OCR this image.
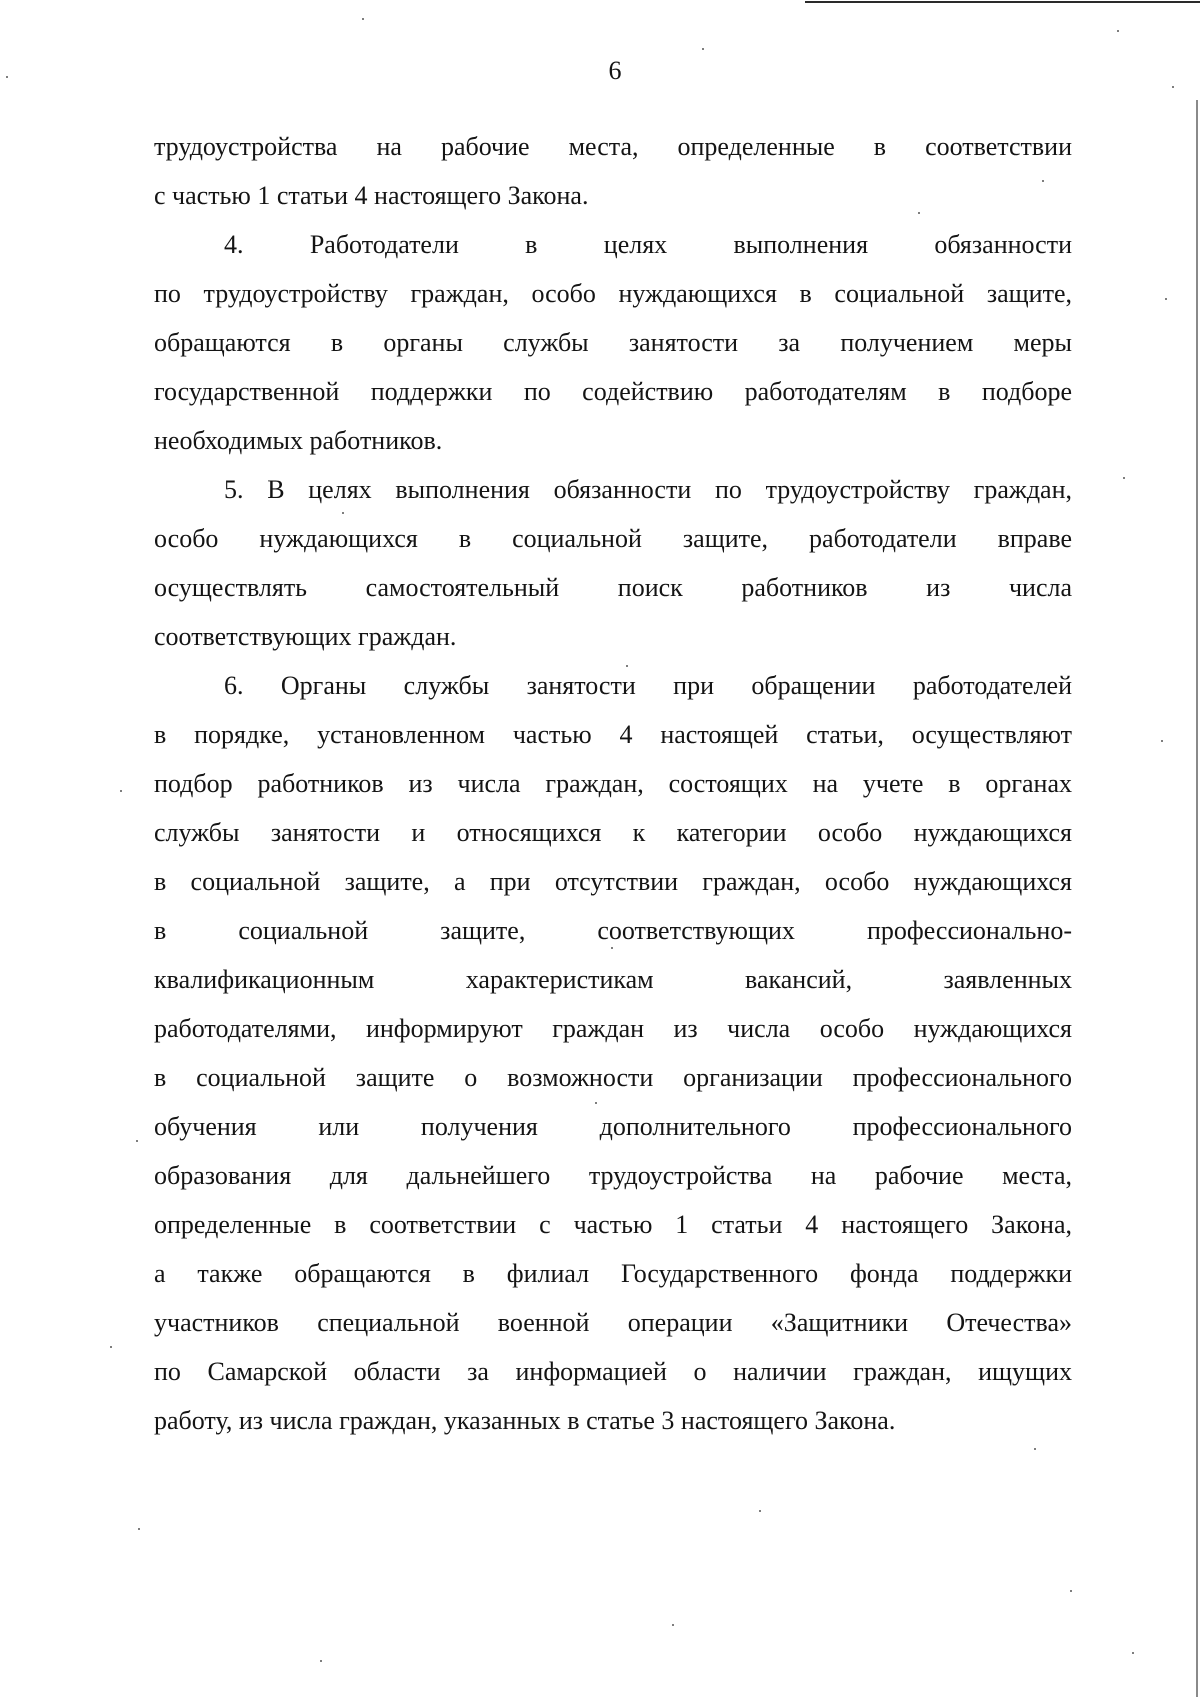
6
трудоустройства на рабочие места, определенные в соответствии
с частью 1 статьи 4 настоящего Закона.
4. Работодатели в целях выполнения обязанности
по трудоустройству граждан, особо нуждающихся в социальной защите,
обращаются в органы службы занятости за получением меры
государственной поддержки по содействию работодателям в подборе
необходимых работников.
5. В целях выполнения обязанности по трудоустройству граждан,
особо нуждающихся в социальной защите, работодатели вправе
осуществлять самостоятельный поиск работников из числа
соответствующих граждан.
6. Органы службы занятости при обращении работодателей
в порядке, установленном частью 4 настоящей статьи, осуществляют
подбор работников из числа граждан, состоящих на учете в органах
службы занятости и относящихся к категории особо нуждающихся
в социальной защите, а при отсутствии граждан, особо нуждающихся
в социальной защите, соответствующих профессионально-
квалификационным характеристикам вакансий, заявленных
работодателями, информируют граждан из числа особо нуждающихся
в социальной защите о возможности организации профессионального
обучения или получения дополнительного профессионального
образования для дальнейшего трудоустройства на рабочие места,
определенные в соответствии с частью 1 статьи 4 настоящего Закона,
а также обращаются в филиал Государственного фонда поддержки
участников специальной военной операции «Защитники Отечества»
по Самарской области за информацией о наличии граждан, ищущих
работу, из числа граждан, указанных в статье 3 настоящего Закона.
